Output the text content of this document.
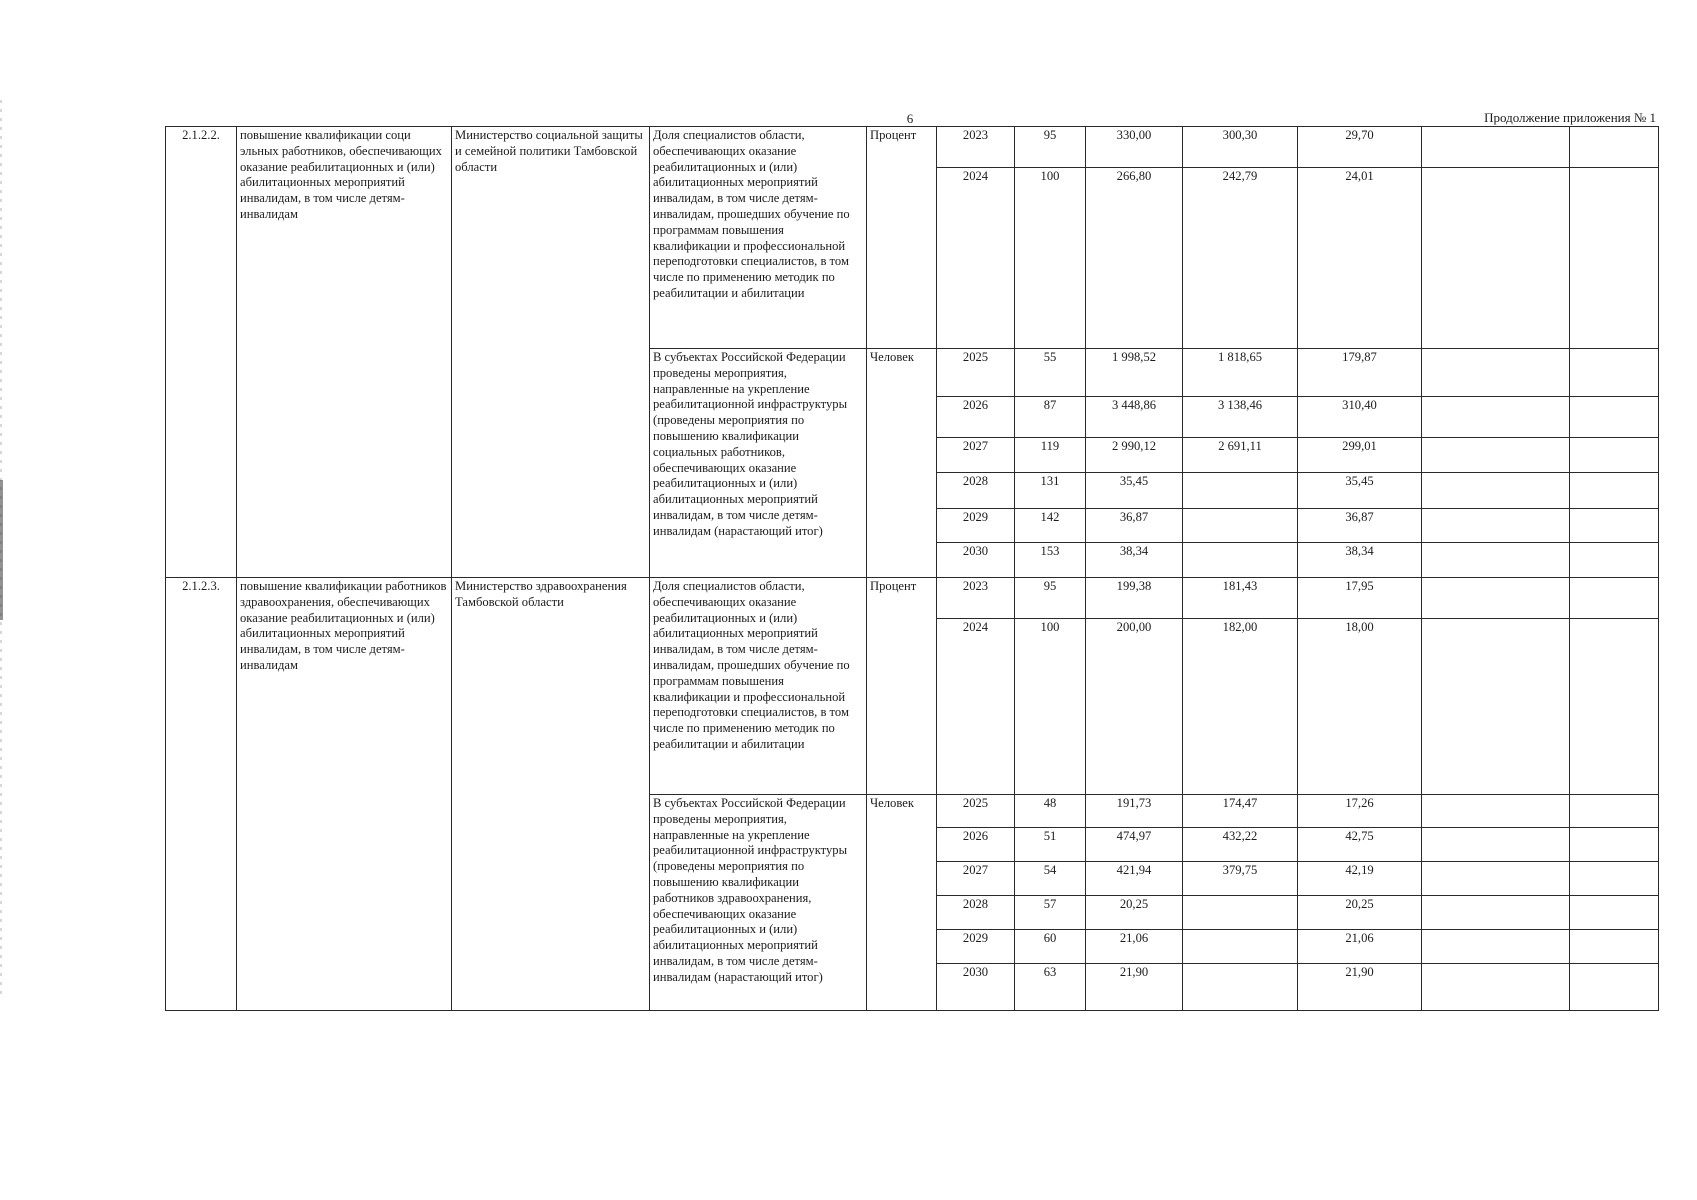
6	Продолжение приложения № 1
2.1.2.2.	повышение квалификации соци эльных работников, обеспечивающих оказание реабилитационных и (или) абилитационных мероприятий инвалидам, в том числе детям-инвалидам	Министерство социальной защиты и семейной политики Тамбовской области	Доля специалистов области, обеспечивающих оказание реабилитационных и (или) абилитационных мероприятий инвалидам, в том числе детям-инвалидам, прошедших обучение по программам повышения квалификации и профессиональной переподготовки специалистов, в том числе по применению методик по реабилитации и абилитации	Процент	2023	95	330,00	300,30	29,70		
					2024	100	266,80	242,79	24,01		
			В субъектах Российской Федерации проведены мероприятия, направленные на укрепление реабилитационной инфраструктуры (проведены мероприятия по повышению квалификации социальных работников, обеспечивающих оказание реабилитационных и (или) абилитационных мероприятий инвалидам, в том числе детям-инвалидам (нарастающий итог)	Человек	2025	55	1 998,52	1 818,65	179,87		
					2026	87	3 448,86	3 138,46	310,40		
					2027	119	2 990,12	2 691,11	299,01		
					2028	131	35,45		35,45		
					2029	142	36,87		36,87		
					2030	153	38,34		38,34		
2.1.2.3.	повышение квалификации работников здравоохранения, обеспечивающих оказание реабилитационных и (или) абилитационных мероприятий инвалидам, в том числе детям-инвалидам	Министерство здравоохранения Тамбовской области	Доля специалистов области, обеспечивающих оказание реабилитационных и (или) абилитационных мероприятий инвалидам, в том числе детям-инвалидам, прошедших обучение по программам повышения квалификации и профессиональной переподготовки специалистов, в том числе по применению методик по реабилитации и абилитации	Процент	2023	95	199,38	181,43	17,95		
					2024	100	200,00	182,00	18,00		
			В субъектах Российской Федерации проведены мероприятия, направленные на укрепление реабилитационной инфраструктуры (проведены мероприятия по повышению квалификации работников здравоохранения, обеспечивающих оказание реабилитационных и (или) абилитационных мероприятий инвалидам, в том числе детям-инвалидам (нарастающий итог)	Человек	2025	48	191,73	174,47	17,26		
					2026	51	474,97	432,22	42,75		
					2027	54	421,94	379,75	42,19		
					2028	57	20,25		20,25		
					2029	60	21,06		21,06		
					2030	63	21,90		21,90		
